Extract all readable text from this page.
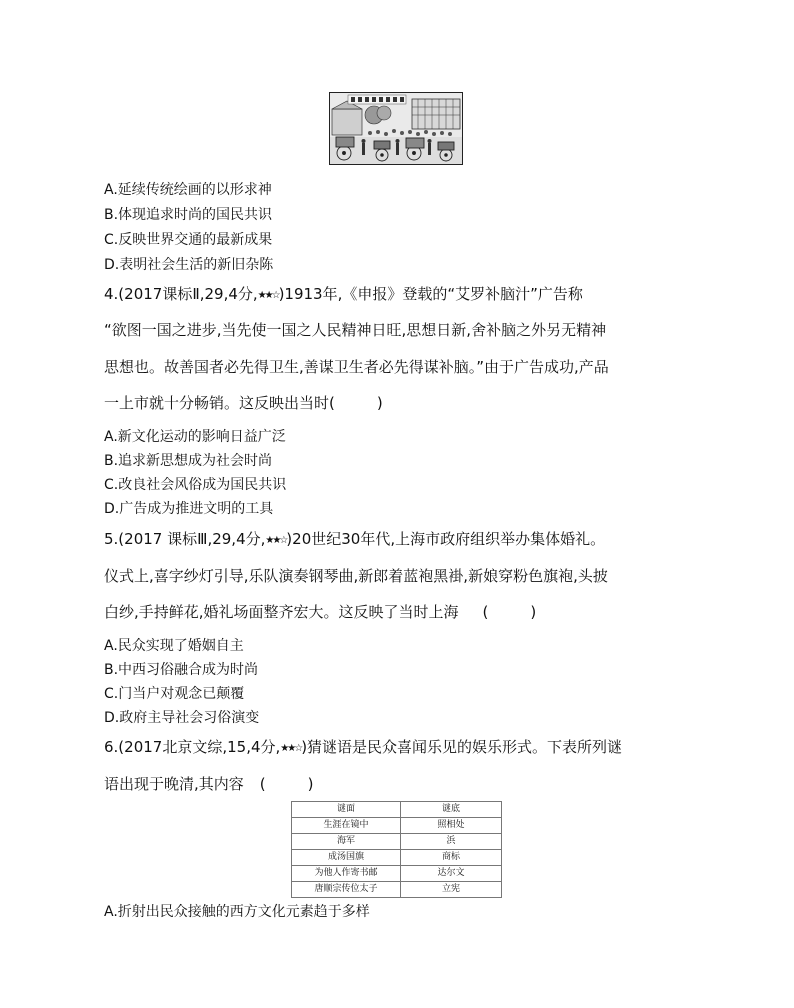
A.延续传统绘画的以形求神
B.体现追求时尚的国民共识
C.反映世界交通的最新成果
D.表明社会生活的新旧杂陈
4.(2017课标Ⅱ,29,4分,★★☆)1913年,《申报》登载的“艾罗补脑汁”广告称
“欲图一国之进步,当先使一国之人民精神日旺,思想日新,舍补脑之外另无精神
思想也。故善国者必先得卫生,善谋卫生者必先得谋补脑。”由于广告成功,产品
一上市就十分畅销。这反映出当时(	)
A.新文化运动的影响日益广泛
B.追求新思想成为社会时尚
C.改良社会风俗成为国民共识
D.广告成为推进文明的工具
5.(2017 课标Ⅲ,29,4分,★★☆)20世纪30年代,上海市政府组织举办集体婚礼。
仪式上,喜字纱灯引导,乐队演奏钢琴曲,新郎着蓝袍黑褂,新娘穿粉色旗袍,头披
白纱,手持鲜花,婚礼场面整齐宏大。这反映了当时上海 (	)
A.民众实现了婚姻自主
B.中西习俗融合成为时尚
C.门当户对观念已颠覆
D.政府主导社会习俗演变
6.(2017北京文综,15,4分,★★☆)猜谜语是民众喜闻乐见的娱乐形式。下表所列谜
语出现于晚清,其内容 (	)
谜面	谜底
生涯在镜中	照相处
海军	浜
成汤国旗	商标
为他人作寄书邮	达尔文
唐顺宗传位太子	立宪
A.折射出民众接触的西方文化元素趋于多样
